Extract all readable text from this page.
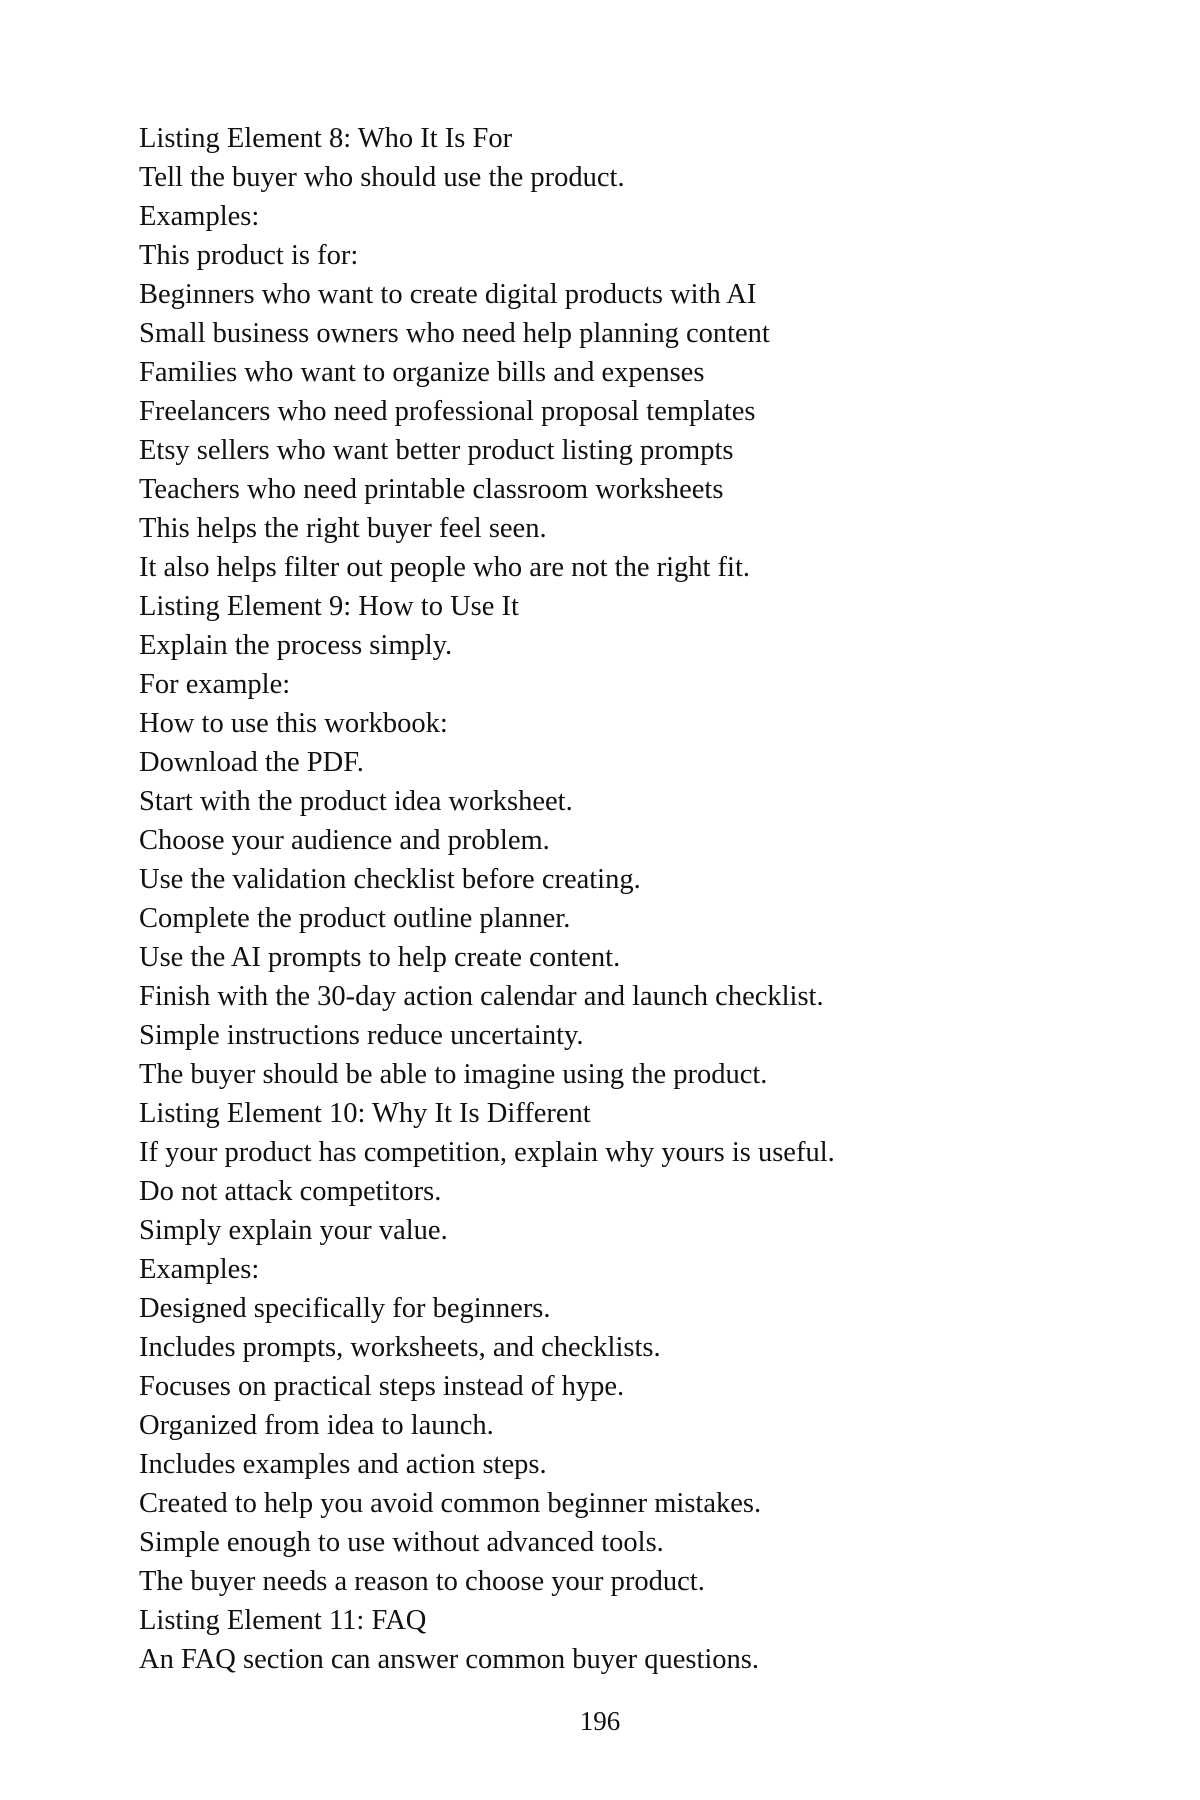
Listing Element 8: Who It Is For
Tell the buyer who should use the product.
Examples:
This product is for:
Beginners who want to create digital products with AI
Small business owners who need help planning content
Families who want to organize bills and expenses
Freelancers who need professional proposal templates
Etsy sellers who want better product listing prompts
Teachers who need printable classroom worksheets
This helps the right buyer feel seen.
It also helps filter out people who are not the right fit.
Listing Element 9: How to Use It
Explain the process simply.
For example:
How to use this workbook:
Download the PDF.
Start with the product idea worksheet.
Choose your audience and problem.
Use the validation checklist before creating.
Complete the product outline planner.
Use the AI prompts to help create content.
Finish with the 30-day action calendar and launch checklist.
Simple instructions reduce uncertainty.
The buyer should be able to imagine using the product.
Listing Element 10: Why It Is Different
If your product has competition, explain why yours is useful.
Do not attack competitors.
Simply explain your value.
Examples:
Designed specifically for beginners.
Includes prompts, worksheets, and checklists.
Focuses on practical steps instead of hype.
Organized from idea to launch.
Includes examples and action steps.
Created to help you avoid common beginner mistakes.
Simple enough to use without advanced tools.
The buyer needs a reason to choose your product.
Listing Element 11: FAQ
An FAQ section can answer common buyer questions.
196
